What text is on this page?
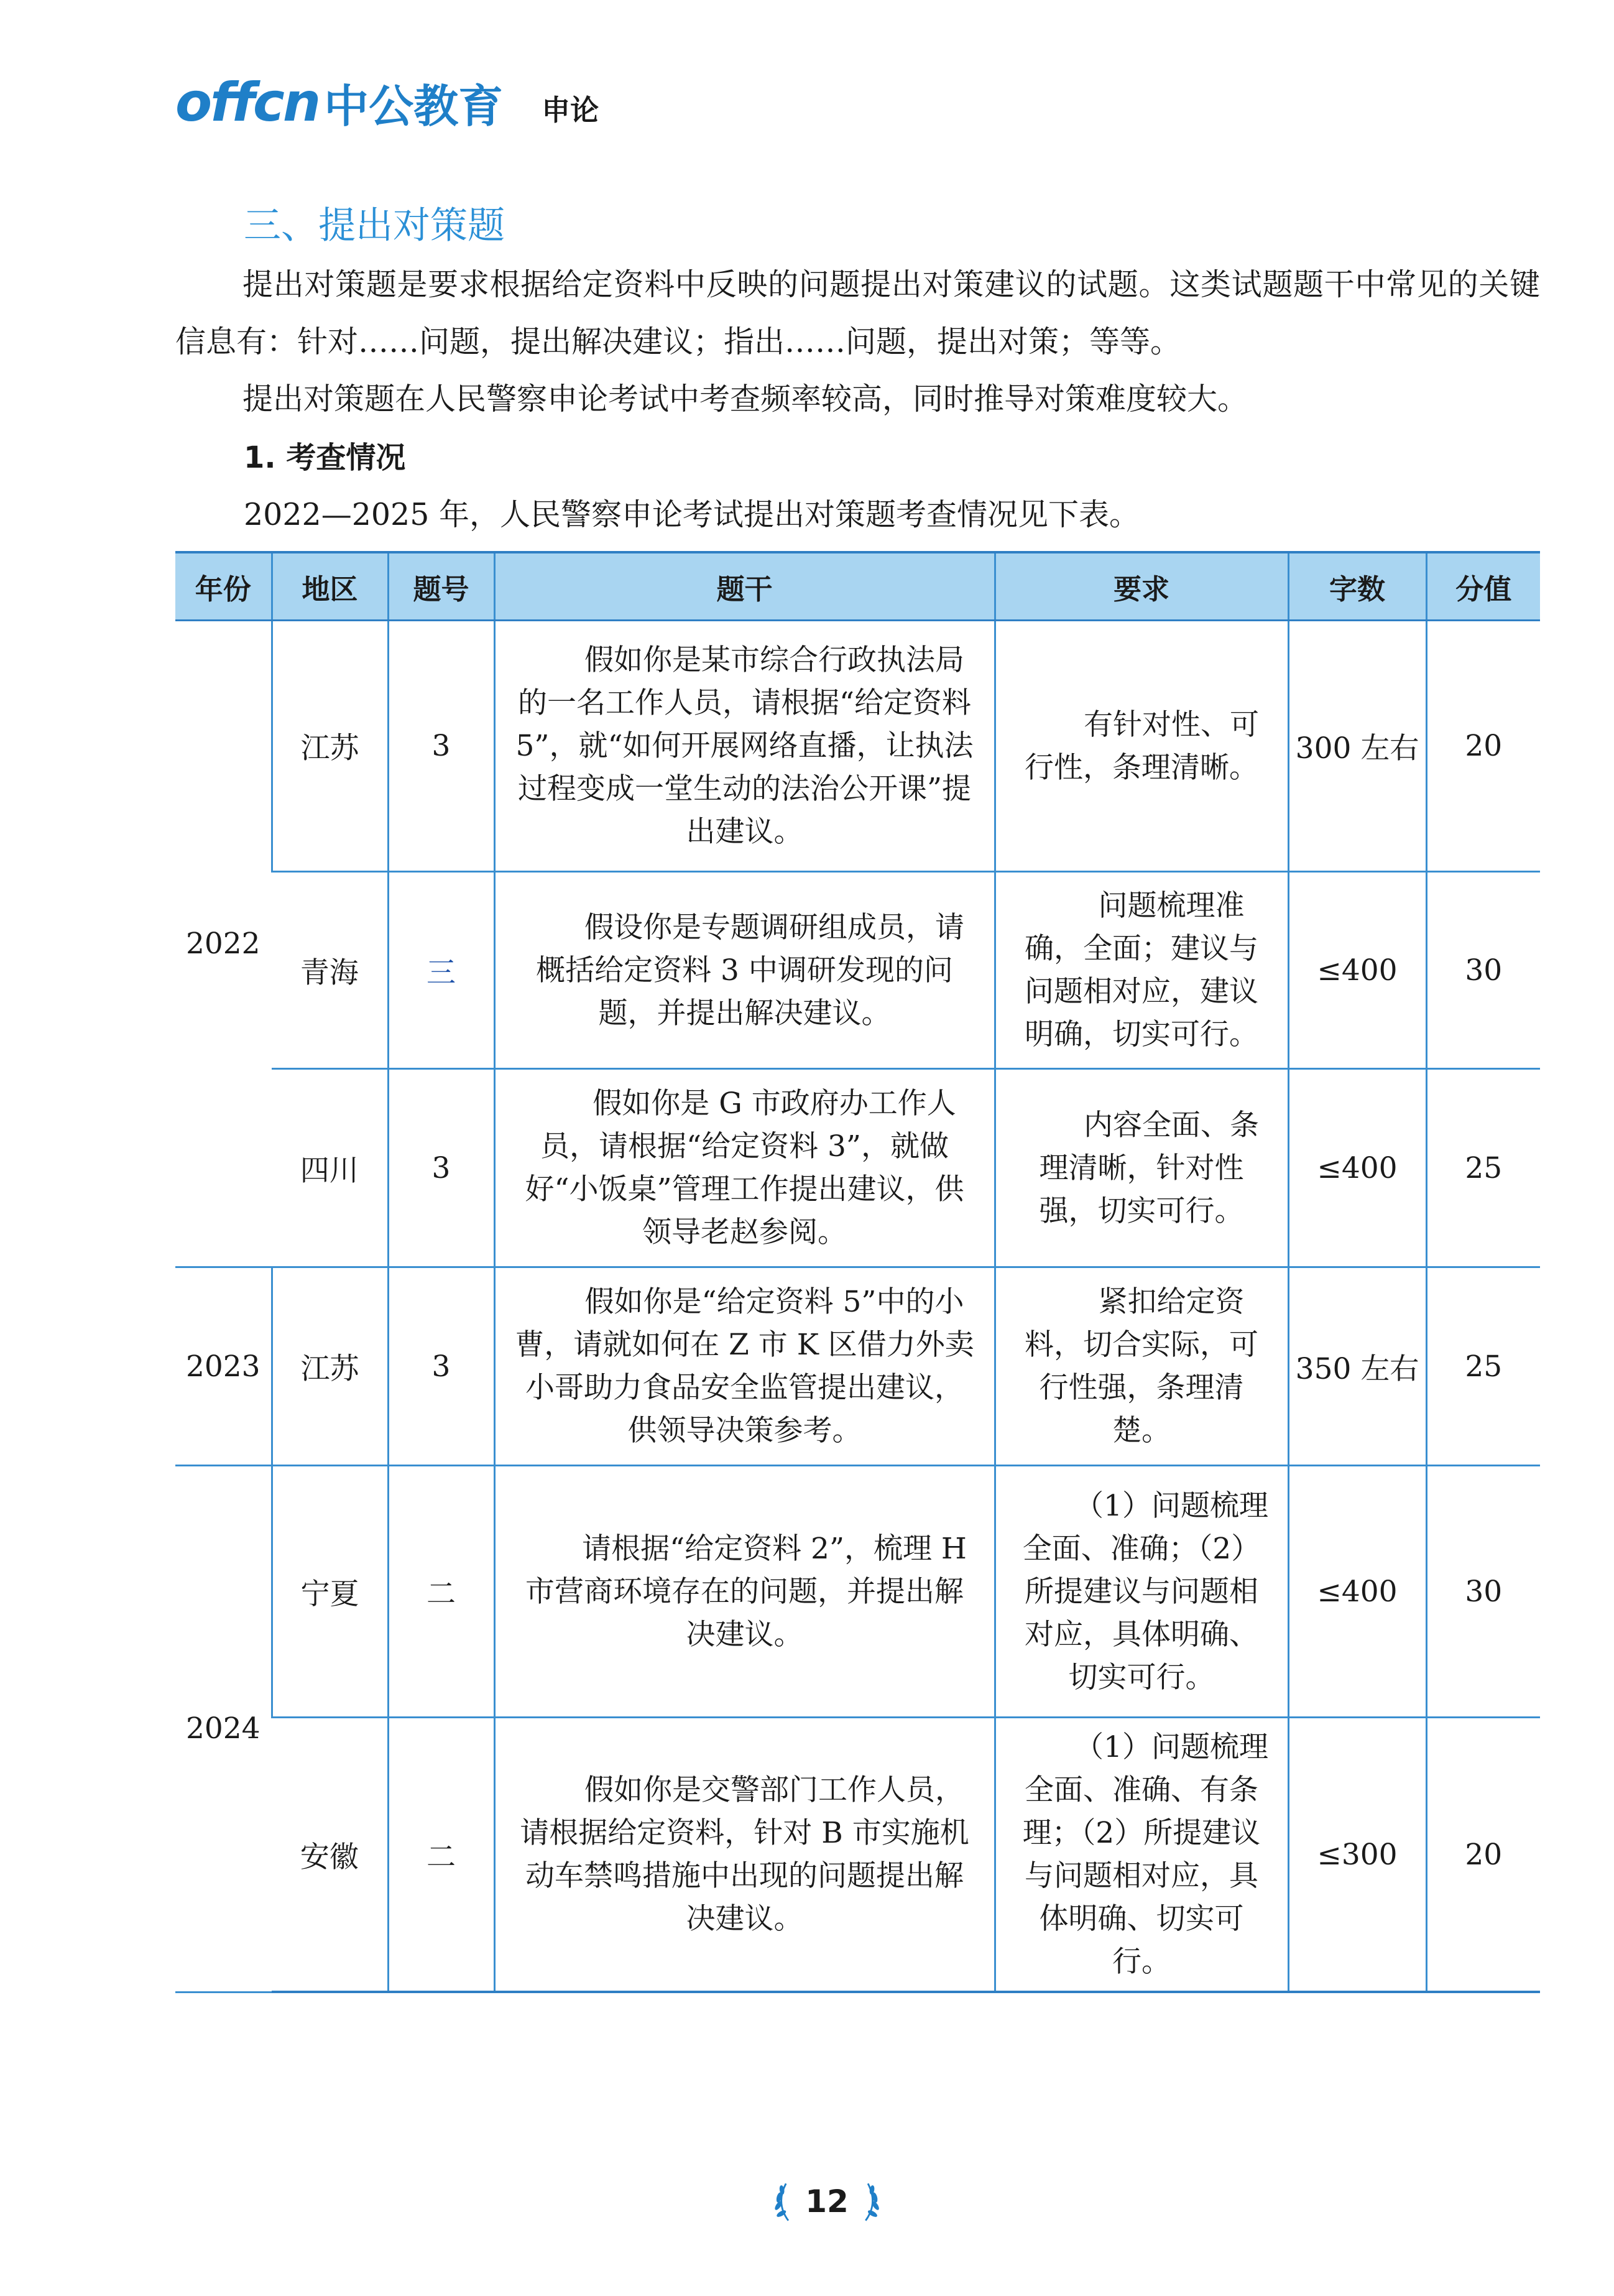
offcn 中公教育 申论
三、提出对策题
提出对策题是要求根据给定资料中反映的问题提出对策建议的试题。这类试题题干中常见的关键信息有：针对……问题，提出解决建议；指出……问题，提出对策；等等。
提出对策题在人民警察申论考试中考查频率较高，同时推导对策难度较大。
1. 考查情况
2022—2025 年，人民警察申论考试提出对策题考查情况见下表。
年份	地区	题号	题干	要求	字数	分值
2022	江苏	3	假如你是某市综合行政执法局的一名工作人员，请根据“给定资料5”，就“如何开展网络直播，让执法过程变成一堂生动的法治公开课”提出建议。	有针对性、可行性，条理清晰。	300 左右	20
	青海	三	假设你是专题调研组成员，请概括给定资料 3 中调研发现的问题，并提出解决建议。	问题梳理准确，全面；建议与问题相对应，建议明确，切实可行。	≤400	30
	四川	3	假如你是 G 市政府办工作人员，请根据“给定资料 3”，就做好“小饭桌”管理工作提出建议，供领导老赵参阅。	内容全面、条理清晰，针对性强，切实可行。	≤400	25
2023	江苏	3	假如你是“给定资料 5”中的小曹，请就如何在 Z 市 K 区借力外卖小哥助力食品安全监管提出建议，供领导决策参考。	紧扣给定资料，切合实际，可行性强，条理清楚。	350 左右	25
2024	宁夏	二	请根据“给定资料 2”，梳理 H 市营商环境存在的问题，并提出解决建议。	（1）问题梳理全面、准确；（2）所提建议与问题相对应，具体明确、切实可行。	≤400	30
	安徽	二	假如你是交警部门工作人员，请根据给定资料，针对 B 市实施机动车禁鸣措施中出现的问题提出解决建议。	（1）问题梳理全面、准确、有条理；（2）所提建议与问题相对应，具体明确、切实可行。	≤300	20
12
